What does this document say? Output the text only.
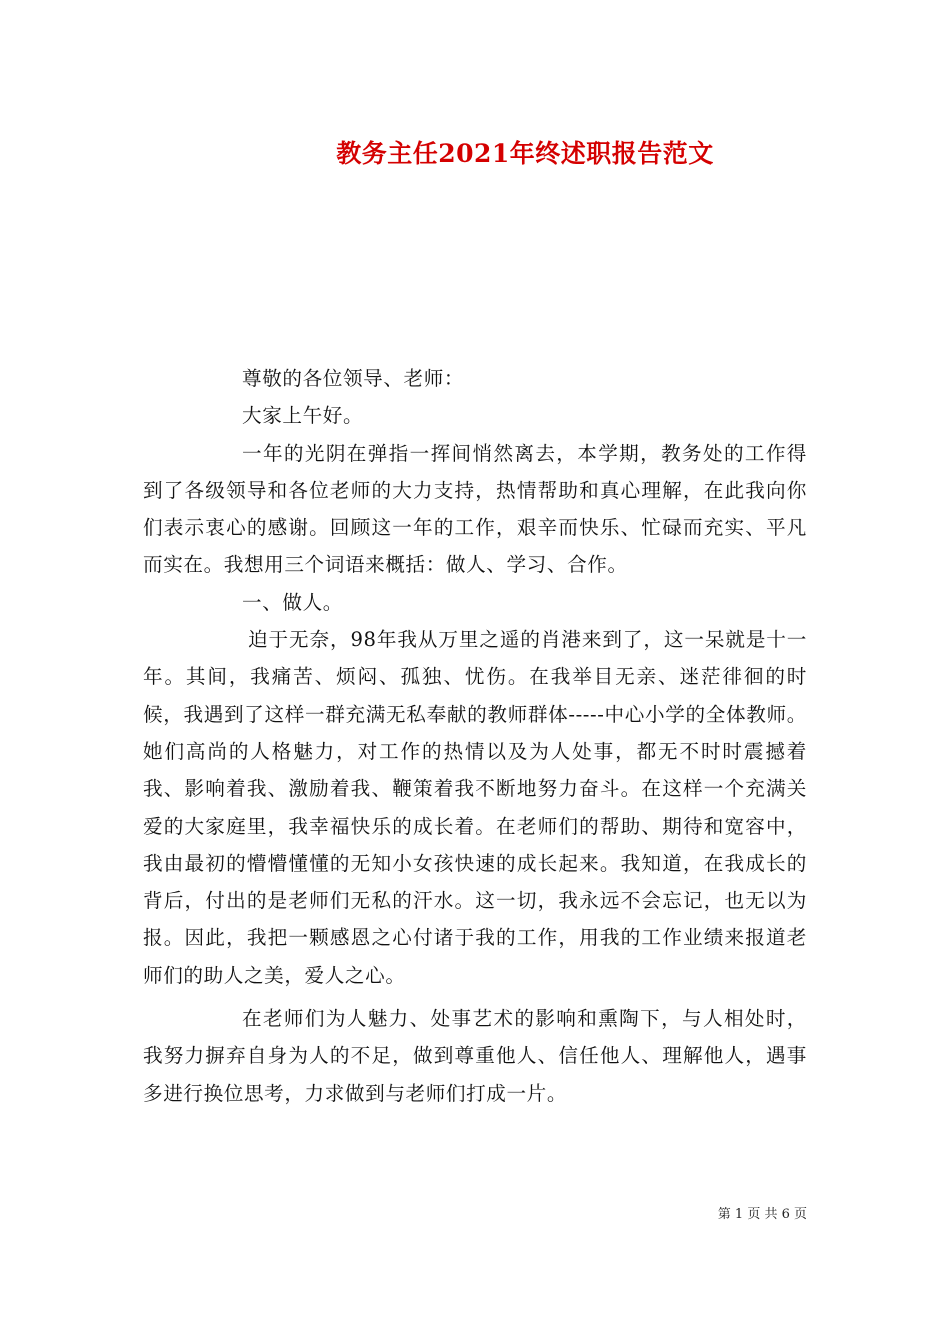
教务主任2021年终述职报告范文

尊敬的各位领导、老师：

大家上午好。

一年的光阴在弹指一挥间悄然离去，本学期，教务处的工作得到了各级领导和各位老师的大力支持，热情帮助和真心理解，在此我向你们表示衷心的感谢。回顾这一年的工作，艰辛而快乐、忙碌而充实、平凡而实在。我想用三个词语来概括：做人、学习、合作。

一、做人。

迫于无奈，98年我从万里之遥的肖港来到了，这一呆就是十一年。其间，我痛苦、烦闷、孤独、忧伤。在我举目无亲、迷茫徘徊的时候，我遇到了这样一群充满无私奉献的教师群体-----中心小学的全体教师。她们高尚的人格魅力，对工作的热情以及为人处事，都无不时时震撼着我、影响着我、激励着我、鞭策着我不断地努力奋斗。在这样一个充满关爱的大家庭里，我幸福快乐的成长着。在老师们的帮助、期待和宽容中，我由最初的懵懵懂懂的无知小女孩快速的成长起来。我知道，在我成长的背后，付出的是老师们无私的汗水。这一切，我永远不会忘记，也无以为报。因此，我把一颗感恩之心付诸于我的工作，用我的工作业绩来报道老师们的助人之美，爱人之心。

在老师们为人魅力、处事艺术的影响和熏陶下，与人相处时，我努力摒弃自身为人的不足，做到尊重他人、信任他人、理解他人，遇事多进行换位思考，力求做到与老师们打成一片。

第 1 页 共 6 页
